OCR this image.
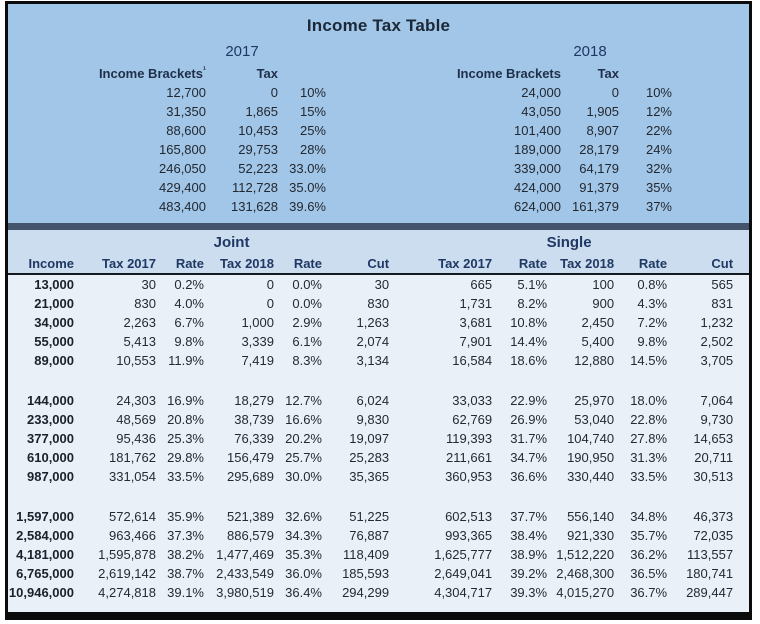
Income Tax Table
	2017	
Income Brackets$^{^1}$	Tax	
12,700	0	10%
31,350	1,865	15%
88,600	10,453	25%
165,800	29,753	28%
246,050	52,223	33.0%
429,400	112,728	35.0%
483,400	131,628	39.6%
	2018	
Income Brackets	Tax	
24,000	0	10%
43,050	1,905	12%
101,400	8,907	22%
189,000	28,179	24%
339,000	64,179	32%
424,000	91,379	35%
624,000	161,379	37%
	Joint					Single				
Income	Tax 2017	Rate	Tax 2018	Rate	Cut	Tax 2017	Rate	Tax 2018	Rate	Cut
13,000	30	0.2%	0	0.0%	30	665	5.1%	100	0.8%	565
21,000	830	4.0%	0	0.0%	830	1,731	8.2%	900	4.3%	831
34,000	2,263	6.7%	1,000	2.9%	1,263	3,681	10.8%	2,450	7.2%	1,232
55,000	5,413	9.8%	3,339	6.1%	2,074	7,901	14.4%	5,400	9.8%	2,502
89,000	10,553	11.9%	7,419	8.3%	3,134	16,584	18.6%	12,880	14.5%	3,705

144,000	24,303	16.9%	18,279	12.7%	6,024	33,033	22.9%	25,970	18.0%	7,064
233,000	48,569	20.8%	38,739	16.6%	9,830	62,769	26.9%	53,040	22.8%	9,730
377,000	95,436	25.3%	76,339	20.2%	19,097	119,393	31.7%	104,740	27.8%	14,653
610,000	181,762	29.8%	156,479	25.7%	25,283	211,661	34.7%	190,950	31.3%	20,711
987,000	331,054	33.5%	295,689	30.0%	35,365	360,953	36.6%	330,440	33.5%	30,513

1,597,000	572,614	35.9%	521,389	32.6%	51,225	602,513	37.7%	556,140	34.8%	46,373
2,584,000	963,466	37.3%	886,579	34.3%	76,887	993,365	38.4%	921,330	35.7%	72,035
4,181,000	1,595,878	38.2%	1,477,469	35.3%	118,409	1,625,777	38.9%	1,512,220	36.2%	113,557
6,765,000	2,619,142	38.7%	2,433,549	36.0%	185,593	2,649,041	39.2%	2,468,300	36.5%	180,741
10,946,000	4,274,818	39.1%	3,980,519	36.4%	294,299	4,304,717	39.3%	4,015,270	36.7%	289,447
